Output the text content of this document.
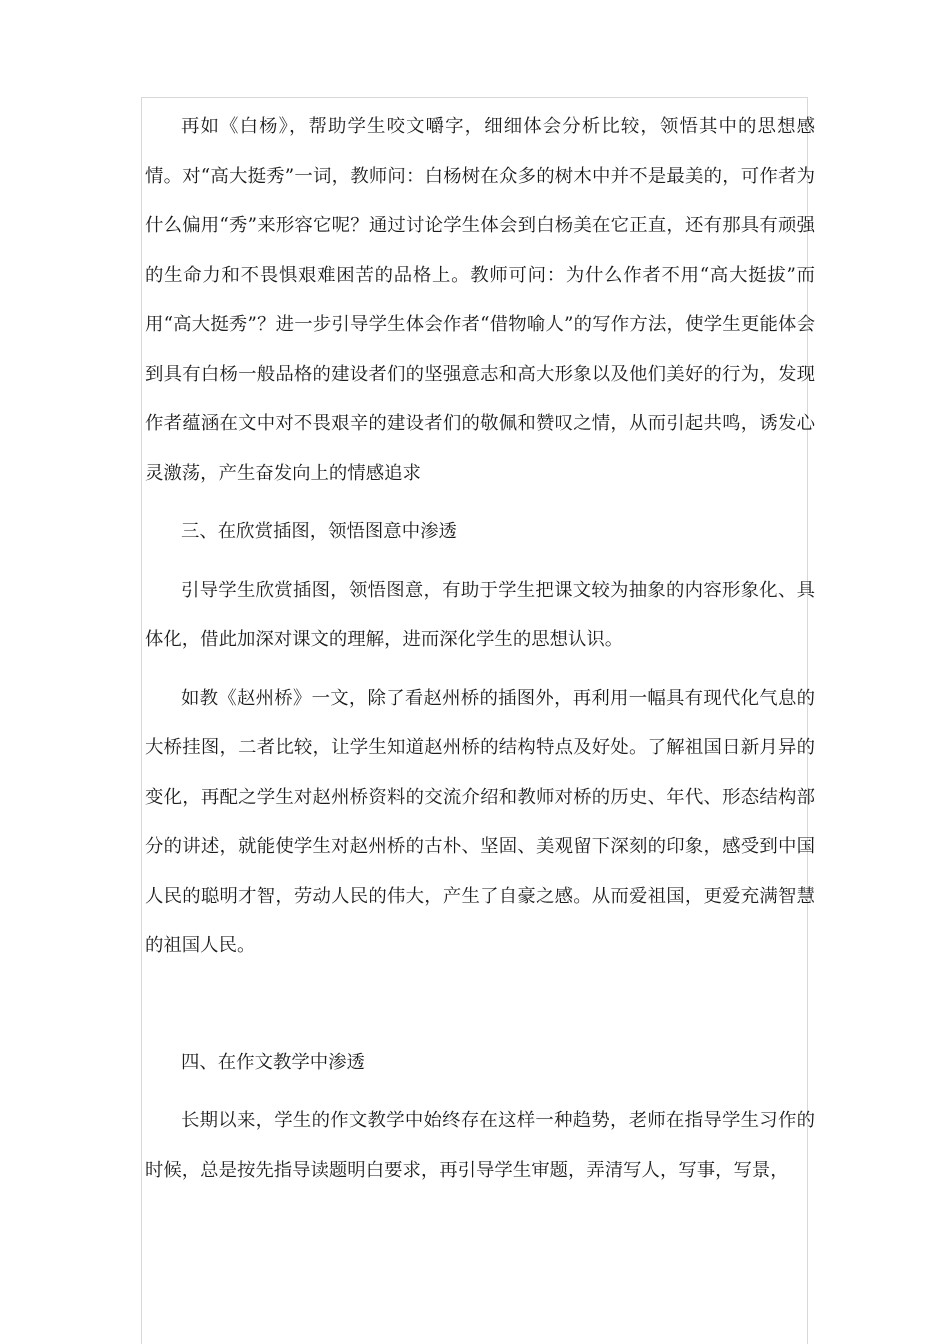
再如《白杨》，帮助学生咬文嚼字，细细体会分析比较，领悟其中的思想感情。对“高大挺秀”一词，教师问：白杨树在众多的树木中并不是最美的，可作者为什么偏用“秀”来形容它呢？通过讨论学生体会到白杨美在它正直，还有那具有顽强的生命力和不畏惧艰难困苦的品格上。教师可问：为什么作者不用“高大挺拔”而用“高大挺秀”？进一步引导学生体会作者“借物喻人”的写作方法，使学生更能体会到具有白杨一般品格的建设者们的坚强意志和高大形象以及他们美好的行为，发现作者蕴涵在文中对不畏艰辛的建设者们的敬佩和赞叹之情，从而引起共鸣，诱发心灵激荡，产生奋发向上的情感追求

三、在欣赏插图，领悟图意中渗透

引导学生欣赏插图，领悟图意，有助于学生把课文较为抽象的内容形象化、具体化，借此加深对课文的理解，进而深化学生的思想认识。

如教《赵州桥》一文，除了看赵州桥的插图外，再利用一幅具有现代化气息的大桥挂图，二者比较，让学生知道赵州桥的结构特点及好处。了解祖国日新月异的变化，再配之学生对赵州桥资料的交流介绍和教师对桥的历史、年代、形态结构部分的讲述，就能使学生对赵州桥的古朴、坚固、美观留下深刻的印象，感受到中国人民的聪明才智，劳动人民的伟大，产生了自豪之感。从而爱祖国，更爱充满智慧的祖国人民。

四、在作文教学中渗透

长期以来，学生的作文教学中始终存在这样一种趋势，老师在指导学生习作的时候，总是按先指导读题明白要求，再引导学生审题，弄清写人，写事，写景，
